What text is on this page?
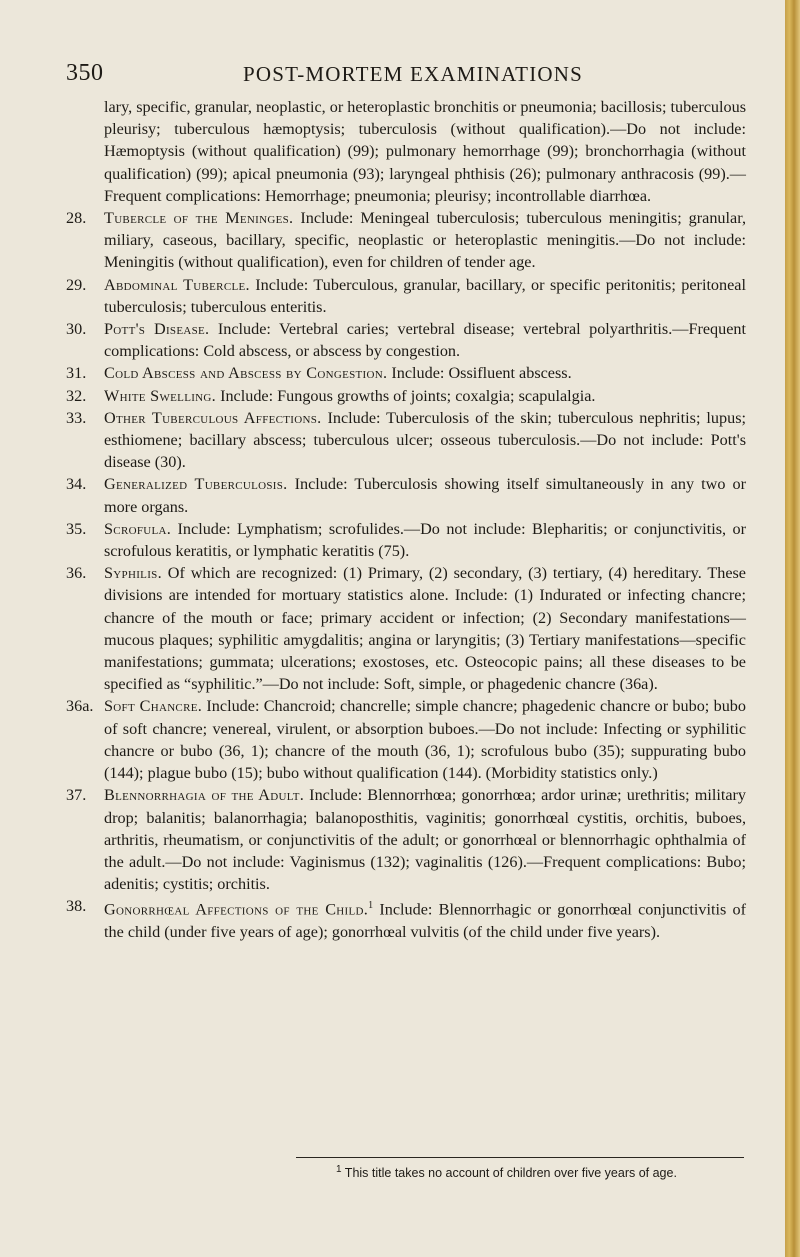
350	POST-MORTEM EXAMINATIONS
lary, specific, granular, neoplastic, or heteroplastic bronchitis or pneumonia; bacillosis; tuberculous pleurisy; tuberculous hæmoptysis; tuberculosis (without qualification).—Do not include: Hæmoptysis (without qualification) (99); pulmonary hemorrhage (99); bronchorrhagia (without qualification) (99); apical pneumonia (93); laryngeal phthisis (26); pulmonary anthracosis (99).—Frequent complications: Hemorrhage; pneumonia; pleurisy; incontrollable diarrhœa.
28. Tubercle of the Meninges. Include: Meningeal tuberculosis; tuberculous meningitis; granular, miliary, caseous, bacillary, specific, neoplastic or heteroplastic meningitis.—Do not include: Meningitis (without qualification), even for children of tender age.
29. Abdominal Tubercle. Include: Tuberculous, granular, bacillary, or specific peritonitis; peritoneal tuberculosis; tuberculous enteritis.
30. Pott's Disease. Include: Vertebral caries; vertebral disease; vertebral polyarthritis.—Frequent complications: Cold abscess, or abscess by congestion.
31. Cold Abscess and Abscess by Congestion. Include: Ossifluent abscess.
32. White Swelling. Include: Fungous growths of joints; coxalgia; scapulalgia.
33. Other Tuberculous Affections. Include: Tuberculosis of the skin; tuberculous nephritis; lupus; esthiomene; bacillary abscess; tuberculous ulcer; osseous tuberculosis.—Do not include: Pott's disease (30).
34. Generalized Tuberculosis. Include: Tuberculosis showing itself simultaneously in any two or more organs.
35. Scrofula. Include: Lymphatism; scrofulides.—Do not include: Blepharitis; or conjunctivitis, or scrofulous keratitis, or lymphatic keratitis (75).
36. Syphilis. Of which are recognized: (1) Primary, (2) secondary, (3) tertiary, (4) hereditary. These divisions are intended for mortuary statistics alone. Include: (1) Indurated or infecting chancre; chancre of the mouth or face; primary accident or infection; (2) Secondary manifestations—mucous plaques; syphilitic amygdalitis; angina or laryngitis; (3) Tertiary manifestations—specific manifestations; gummata; ulcerations; exostoses, etc. Osteocopic pains; all these diseases to be specified as “syphilitic.”—Do not include: Soft, simple, or phagedenic chancre (36a).
36a. Soft Chancre. Include: Chancroid; chancrelle; simple chancre; phagedenic chancre or bubo; bubo of soft chancre; venereal, virulent, or absorption buboes.—Do not include: Infecting or syphilitic chancre or bubo (36, 1); chancre of the mouth (36, 1); scrofulous bubo (35); suppurating bubo (144); plague bubo (15); bubo without qualification (144). (Morbidity statistics only.)
37. Blennorrhagia of the Adult. Include: Blennorrhœa; gonorrhœa; ardor urinæ; urethritis; military drop; balanitis; balanorrhagia; balanoposthitis, vaginitis; gonorrhœal cystitis, orchitis, buboes, arthritis, rheumatism, or conjunctivitis of the adult; or gonorrhœal or blennorrhagic ophthalmia of the adult.—Do not include: Vaginismus (132); vaginalitis (126).—Frequent complications: Bubo; adenitis; cystitis; orchitis.
38. Gonorrhœal Affections of the Child.$^1$ Include: Blennorrhagic or gonorrhœal conjunctivitis of the child (under five years of age); gonorrhœal vulvitis (of the child under five years).
$^1$ This title takes no account of children over five years of age.
